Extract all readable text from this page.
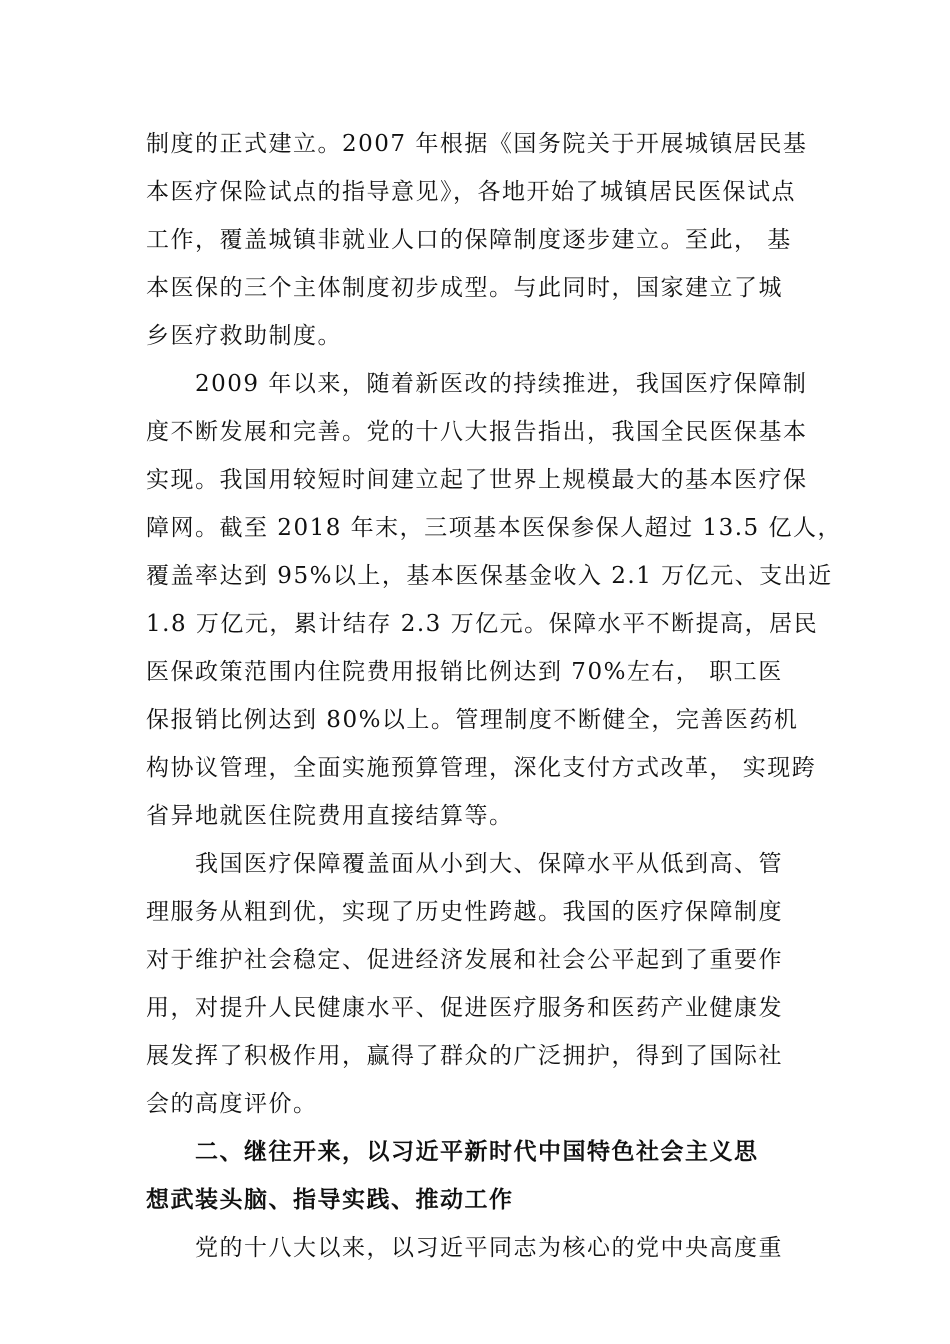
制度的正式建立。2007 年根据《国务院关于开展城镇居民基
本医疗保险试点的指导意见》，各地开始了城镇居民医保试点
工作，覆盖城镇非就业人口的保障制度逐步建立。至此， 基
本医保的三个主体制度初步成型。与此同时，国家建立了城
乡医疗救助制度。
　　2009 年以来，随着新医改的持续推进，我国医疗保障制
度不断发展和完善。党的十八大报告指出，我国全民医保基本
实现。我国用较短时间建立起了世界上规模最大的基本医疗保
障网。截至 2018 年末，三项基本医保参保人超过 13.5 亿人，
覆盖率达到 95%以上，基本医保基金收入 2.1 万亿元、支出近
1.8 万亿元，累计结存 2.3 万亿元。保障水平不断提高，居民
医保政策范围内住院费用报销比例达到 70%左右， 职工医
保报销比例达到 80%以上。管理制度不断健全，完善医药机
构协议管理，全面实施预算管理，深化支付方式改革， 实现跨
省异地就医住院费用直接结算等。
　　我国医疗保障覆盖面从小到大、保障水平从低到高、管
理服务从粗到优，实现了历史性跨越。我国的医疗保障制度
对于维护社会稳定、促进经济发展和社会公平起到了重要作
用，对提升人民健康水平、促进医疗服务和医药产业健康发
展发挥了积极作用，赢得了群众的广泛拥护，得到了国际社
会的高度评价。
　　二、继往开来，以习近平新时代中国特色社会主义思
想武装头脑、指导实践、推动工作
　　党的十八大以来，以习近平同志为核心的党中央高度重
